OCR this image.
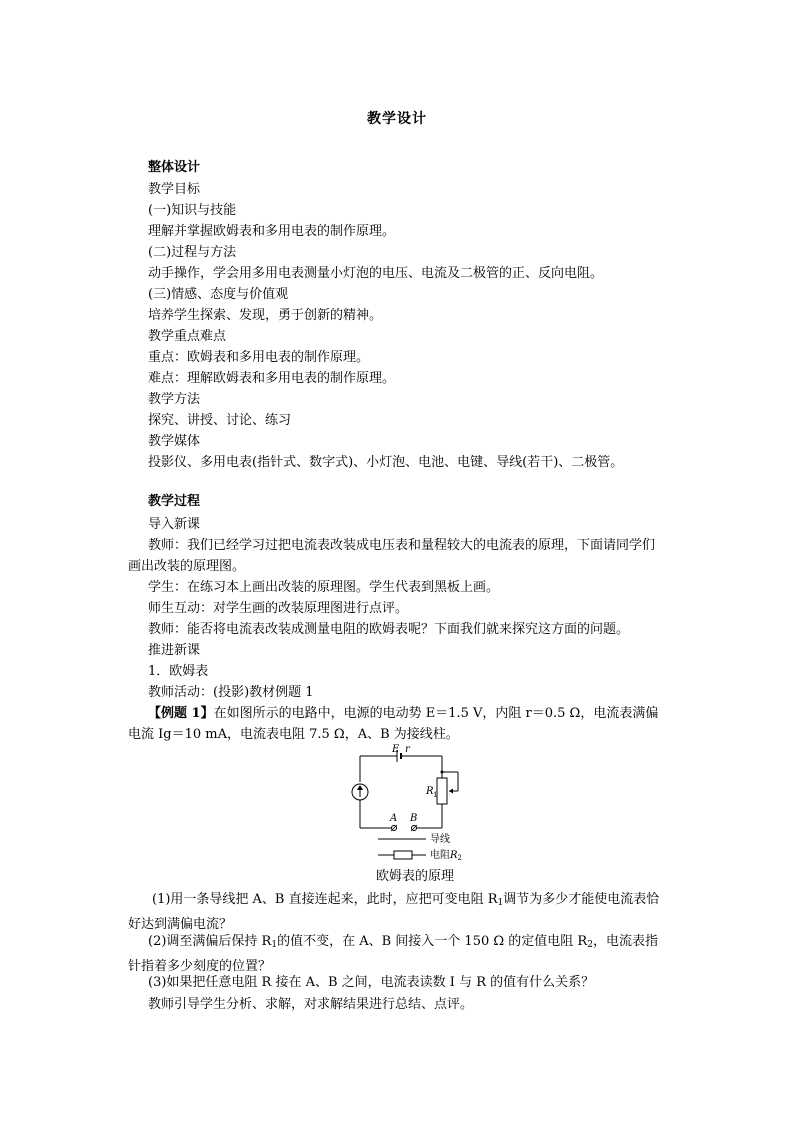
教学设计
整体设计
教学目标
(一)知识与技能
理解并掌握欧姆表和多用电表的制作原理。
(二)过程与方法
动手操作，学会用多用电表测量小灯泡的电压、电流及二极管的正、反向电阻。
(三)情感、态度与价值观
培养学生探索、发现，勇于创新的精神。
教学重点难点
重点：欧姆表和多用电表的制作原理。
难点：理解欧姆表和多用电表的制作原理。
教学方法
探究、讲授、讨论、练习
教学媒体
投影仪、多用电表(指针式、数字式)、小灯泡、电池、电键、导线(若干)、二极管。
教学过程
导入新课
教师：我们已经学习过把电流表改装成电压表和量程较大的电流表的原理，下面请同学们画出改装的原理图。
学生：在练习本上画出改装的原理图。学生代表到黑板上画。
师生互动：对学生画的改装原理图进行点评。
教师：能否将电流表改装成测量电阻的欧姆表呢？下面我们就来探究这方面的问题。
推进新课
1．欧姆表
教师活动：(投影)教材例题 1
【例题 1】在如图所示的电路中，电源的电动势 E＝1.5 V，内阻 r＝0.5 Ω，电流表满偏电流 Ig＝10 mA，电流表电阻 7.5 Ω，A、B 为接线柱。
E r
R 1
A B
导线
电阻$R_2$
欧姆表的原理
(1)用一条导线把 A、B 直接连起来，此时，应把可变电阻 $R_1$调节为多少才能使电流表恰好达到满偏电流？
(2)调至满偏后保持 $R_1$的值不变，在 A、B 间接入一个 150 Ω 的定值电阻 $R_2$，电流表指针指着多少刻度的位置？
(3)如果把任意电阻 R 接在 A、B 之间，电流表读数 I 与 R 的值有什么关系？
教师引导学生分析、求解，对求解结果进行总结、点评。
